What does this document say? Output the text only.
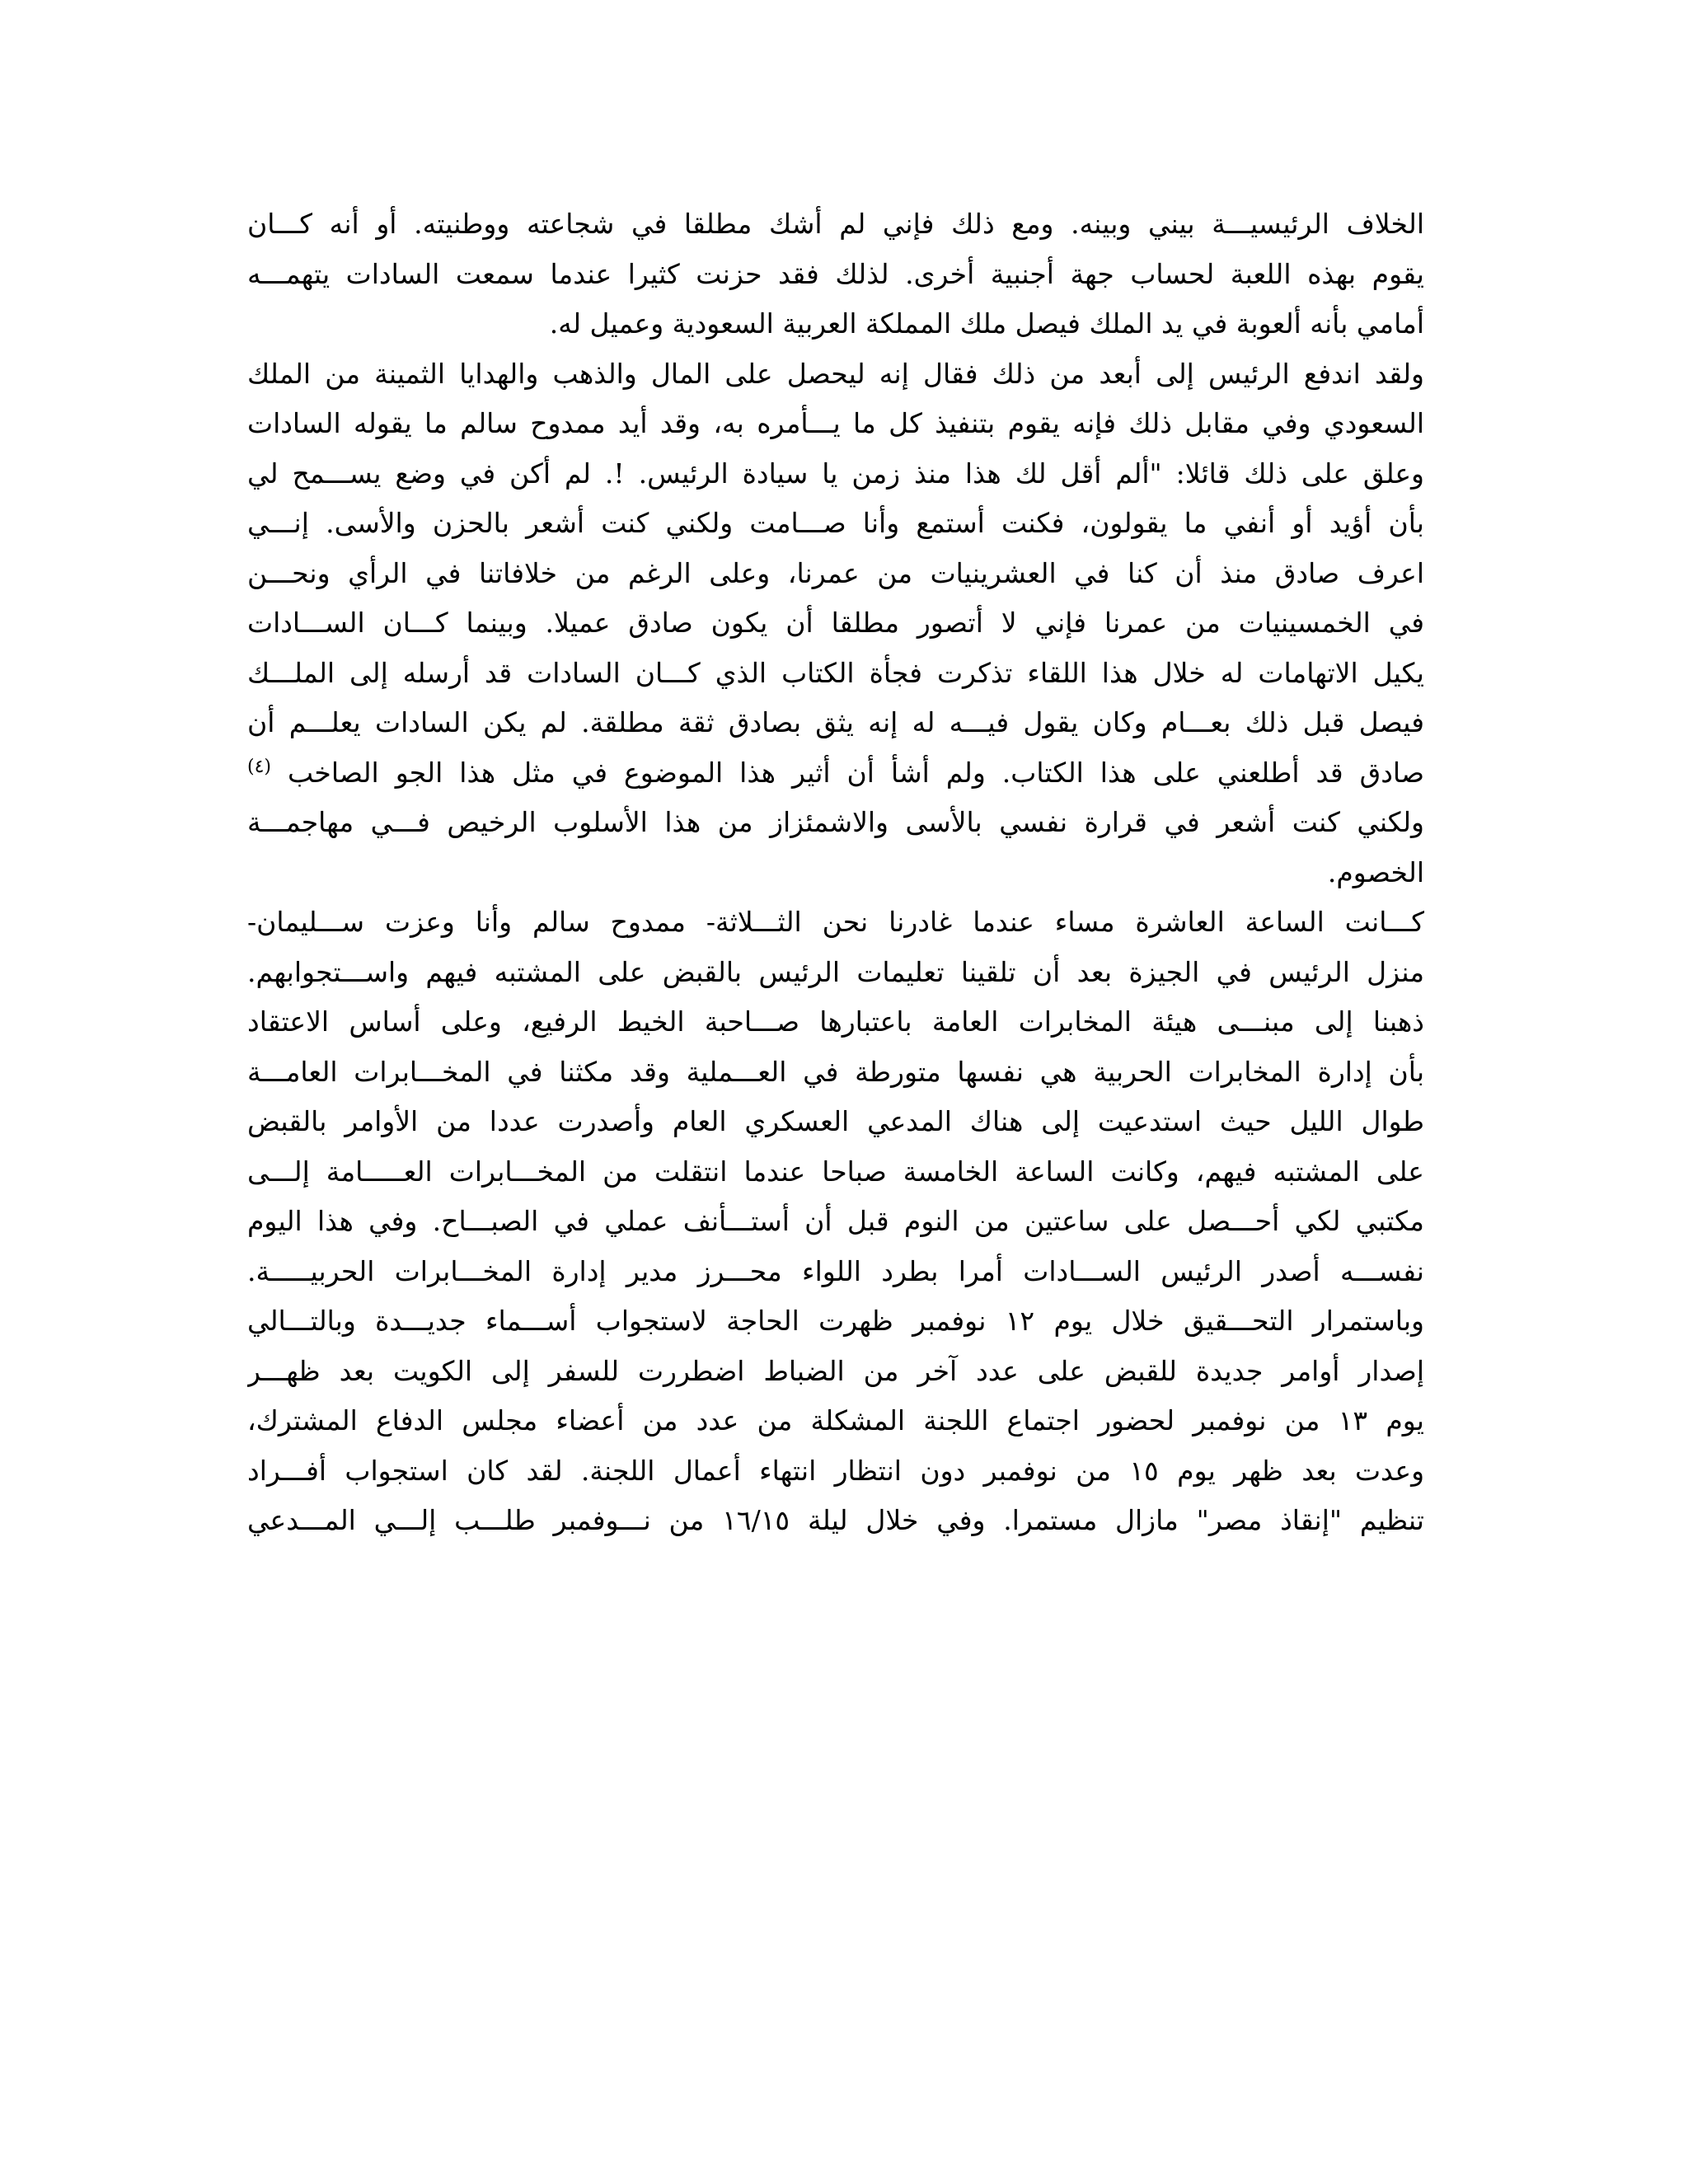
الخلاف الرئيسيـــة بيني وبينه. ومع ذلك فإني لم أشك مطلقا في شجاعته ووطنيته. أو أنه كـــان
يقوم بهذه اللعبة لحساب جهة أجنبية أخرى. لذلك فقد حزنت كثيرا عندما سمعت السادات يتهمـــه
أمامي بأنه ألعوبة في يد الملك فيصل ملك المملكة العربية السعودية وعميل له.
ولقد اندفع الرئيس إلى أبعد من ذلك فقال إنه ليحصل على المال والذهب والهدايا الثمينة من الملك
السعودي وفي مقابل ذلك فإنه يقوم بتنفيذ كل ما يـــأمره به، وقد أيد ممدوح سالم ما يقوله السادات
وعلق على ذلك قائلا: "ألم أقل لك هذا منذ زمن يا سيادة الرئيس. !. لم أكن في وضع يســـمح لي
بأن أؤيد أو أنفي ما يقولون، فكنت أستمع وأنا صـــامت ولكني كنت أشعر بالحزن والأسى. إنـــي
اعرف صادق منذ أن كنا في العشرينيات من عمرنا، وعلى الرغم من خلافاتنا في الرأي ونحـــن
في الخمسينيات من عمرنا فإني لا أتصور مطلقا أن يكون صادق عميلا. وبينما كـــان الســـادات
يكيل الاتهامات له خلال هذا اللقاء تذكرت فجأة الكتاب الذي كـــان السادات قد أرسله إلى الملـــك
فيصل قبل ذلك بعـــام وكان يقول فيـــه له إنه يثق بصادق ثقة مطلقة. لم يكن السادات يعلـــم أن
صادق قد أطلعني على هذا الكتاب. ولم أشأ أن أثير هذا الموضوع في مثل هذا الجو الصاخب $^{(٤)}$
ولكني كنت أشعر في قرارة نفسي بالأسى والاشمئزاز من هذا الأسلوب الرخيص فـــي مهاجمـــة
الخصوم.
كـــانت الساعة العاشرة مساء عندما غادرنا نحن الثـــلاثة- ممدوح سالم وأنا وعزت ســـليمان-
منزل الرئيس في الجيزة بعد أن تلقينا تعليمات الرئيس بالقبض على المشتبه فيهم واســـتجوابهم.
ذهبنا إلى مبنـــى هيئة المخابرات العامة باعتبارها صـــاحبة الخيط الرفيع، وعلى أساس الاعتقاد
بأن إدارة المخابرات الحربية هي نفسها متورطة في العـــملية وقد مكثنا في المخـــابرات العامـــة
طوال الليل حيث استدعيت إلى هناك المدعي العسكري العام وأصدرت عددا من الأوامر بالقبض
على المشتبه فيهم، وكانت الساعة الخامسة صباحا عندما انتقلت من المخـــابرات العـــــامة إلـــى
مكتبي لكي أحـــصل على ساعتين من النوم قبل أن أستـــأنف عملي في الصبـــاح. وفي هذا اليوم
نفســـه أصدر الرئيس الســـادات أمرا بطرد اللواء محـــرز مدير إدارة المخـــابرات الحربيـــــة.
وباستمرار التحـــقيق خلال يوم ١٢ نوفمبر ظهرت الحاجة لاستجواب أســـماء جديـــدة وبالتـــالي
إصدار أوامر جديدة للقبض على عدد آخر من الضباط اضطررت للسفر إلى الكويت بعد ظهـــر
يوم ١٣ من نوفمبر لحضور اجتماع اللجنة المشكلة من عدد من أعضاء مجلس الدفاع المشترك،
وعدت بعد ظهر يوم ١٥ من نوفمبر دون انتظار انتهاء أعمال اللجنة. لقد كان استجواب أفـــراد
تنظيم "إنقاذ مصر" مازال مستمرا. وفي خلال ليلة ١٦/١٥ من نـــوفمبر طلـــب إلـــي المـــدعي
